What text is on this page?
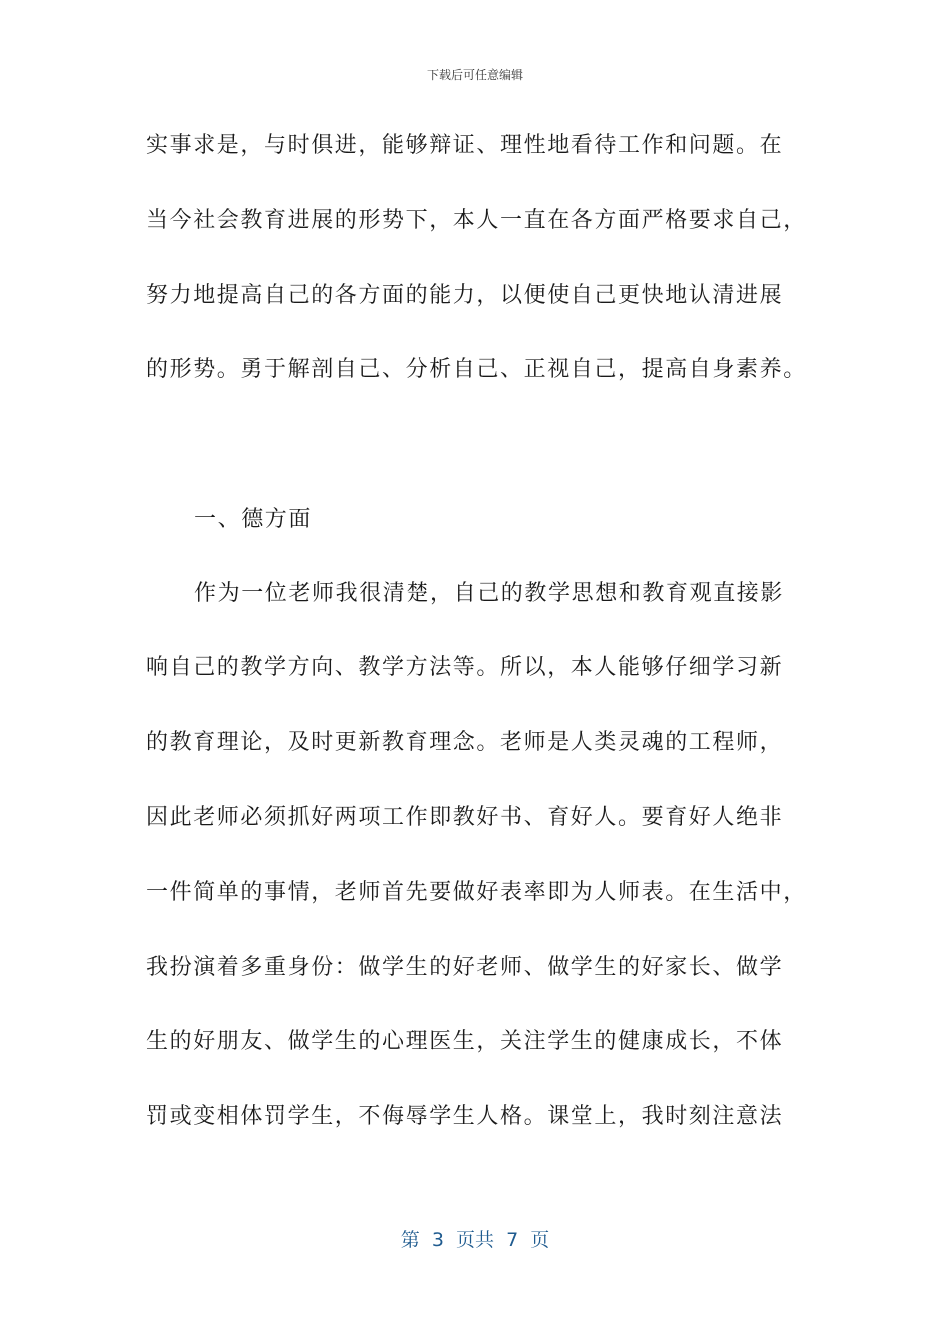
下载后可任意编辑
实事求是，与时俱进，能够辩证、理性地看待工作和问题。在
当今社会教育进展的形势下，本人一直在各方面严格要求自己，
努力地提高自己的各方面的能力，以便使自己更快地认清进展
的形势。勇于解剖自己、分析自己、正视自己，提高自身素养。
一、德方面
作为一位老师我很清楚，自己的教学思想和教育观直接影
响自己的教学方向、教学方法等。所以，本人能够仔细学习新
的教育理论，及时更新教育理念。老师是人类灵魂的工程师，
因此老师必须抓好两项工作即教好书、育好人。要育好人绝非
一件简单的事情，老师首先要做好表率即为人师表。在生活中，
我扮演着多重身份：做学生的好老师、做学生的好家长、做学
生的好朋友、做学生的心理医生，关注学生的健康成长，不体
罚或变相体罚学生，不侮辱学生人格。课堂上，我时刻注意法
第  3  页共  7  页
